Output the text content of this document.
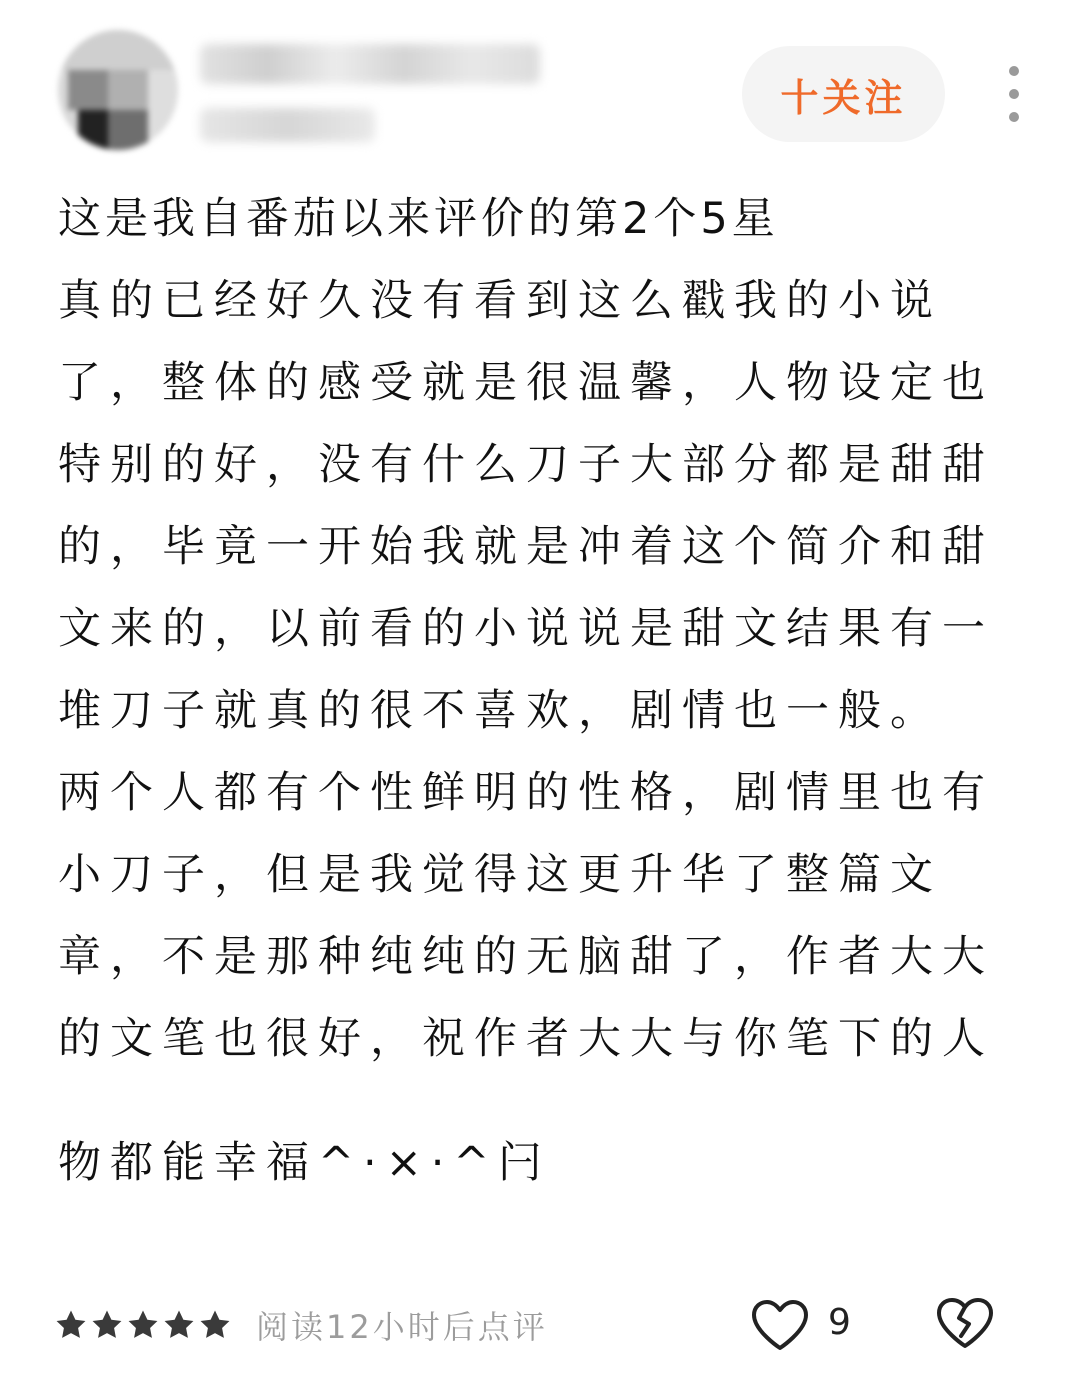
十关注
这是我自番茄以来评价的第2个5星
真的已经好久没有看到这么戳我的小说
了，整体的感受就是很温馨，人物设定也
特别的好，没有什么刀子大部分都是甜甜
的，毕竟一开始我就是冲着这个简介和甜
文来的，以前看的小说说是甜文结果有一
堆刀子就真的很不喜欢，剧情也一般。
两个人都有个性鲜明的性格，剧情里也有
小刀子，但是我觉得这更升华了整篇文
章，不是那种纯纯的无脑甜了，作者大大
的文笔也很好，祝作者大大与你笔下的人
物都能幸福^·×·^闩
阅读12小时后点评	9
